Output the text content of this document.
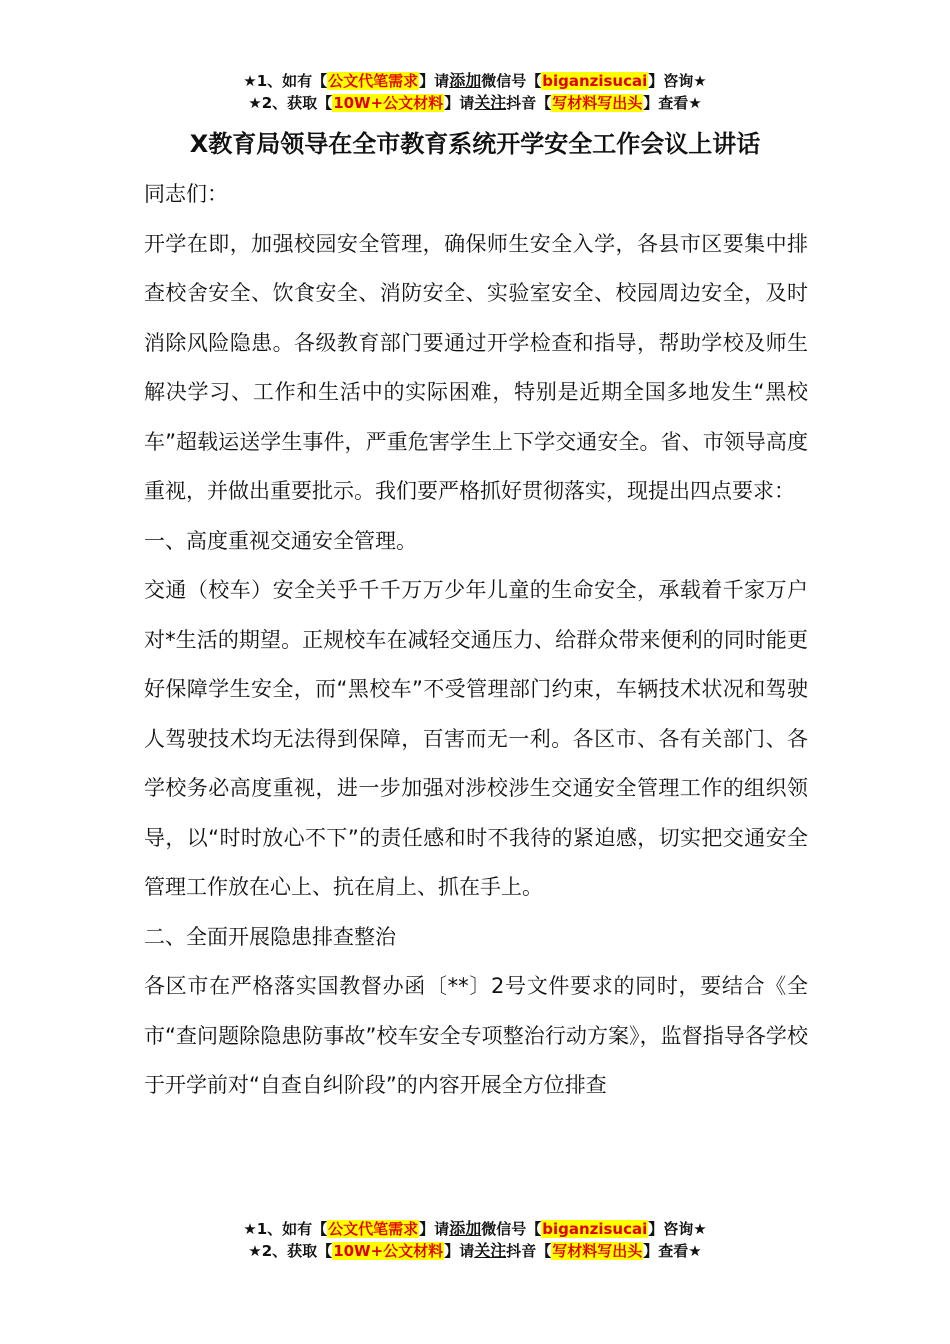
★1、如有【公文代笔需求】请添加微信号【biganzisucai】咨询★
★2、获取【10W+公文材料】请关注抖音【写材料写出头】查看★
X教育局领导在全市教育系统开学安全工作会议上讲话

同志们：

开学在即，加强校园安全管理，确保师生安全入学，各县市区要集中排查校舍安全、饮食安全、消防安全、实验室安全、校园周边安全，及时消除风险隐患。各级教育部门要通过开学检查和指导，帮助学校及师生解决学习、工作和生活中的实际困难，特别是近期全国多地发生“黑校车”超载运送学生事件，严重危害学生上下学交通安全。省、市领导高度重视，并做出重要批示。我们要严格抓好贯彻落实，现提出四点要求：

一、高度重视交通安全管理。

交通（校车）安全关乎千千万万少年儿童的生命安全，承载着千家万户对*生活的期望。正规校车在减轻交通压力、给群众带来便利的同时能更好保障学生安全，而“黑校车”不受管理部门约束，车辆技术状况和驾驶人驾驶技术均无法得到保障，百害而无一利。各区市、各有关部门、各学校务必高度重视，进一步加强对涉校涉生交通安全管理工作的组织领导，以“时时放心不下”的责任感和时不我待的紧迫感，切实把交通安全管理工作放在心上、抗在肩上、抓在手上。

二、全面开展隐患排查整治

各区市在严格落实国教督办函〔**〕2号文件要求的同时，要结合《全市“查问题除隐患防事故”校车安全专项整治行动方案》，监督指导各学校于开学前对“自查自纠阶段”的内容开展全方位排查

★1、如有【公文代笔需求】请添加微信号【biganzisucai】咨询★
★2、获取【10W+公文材料】请关注抖音【写材料写出头】查看★
